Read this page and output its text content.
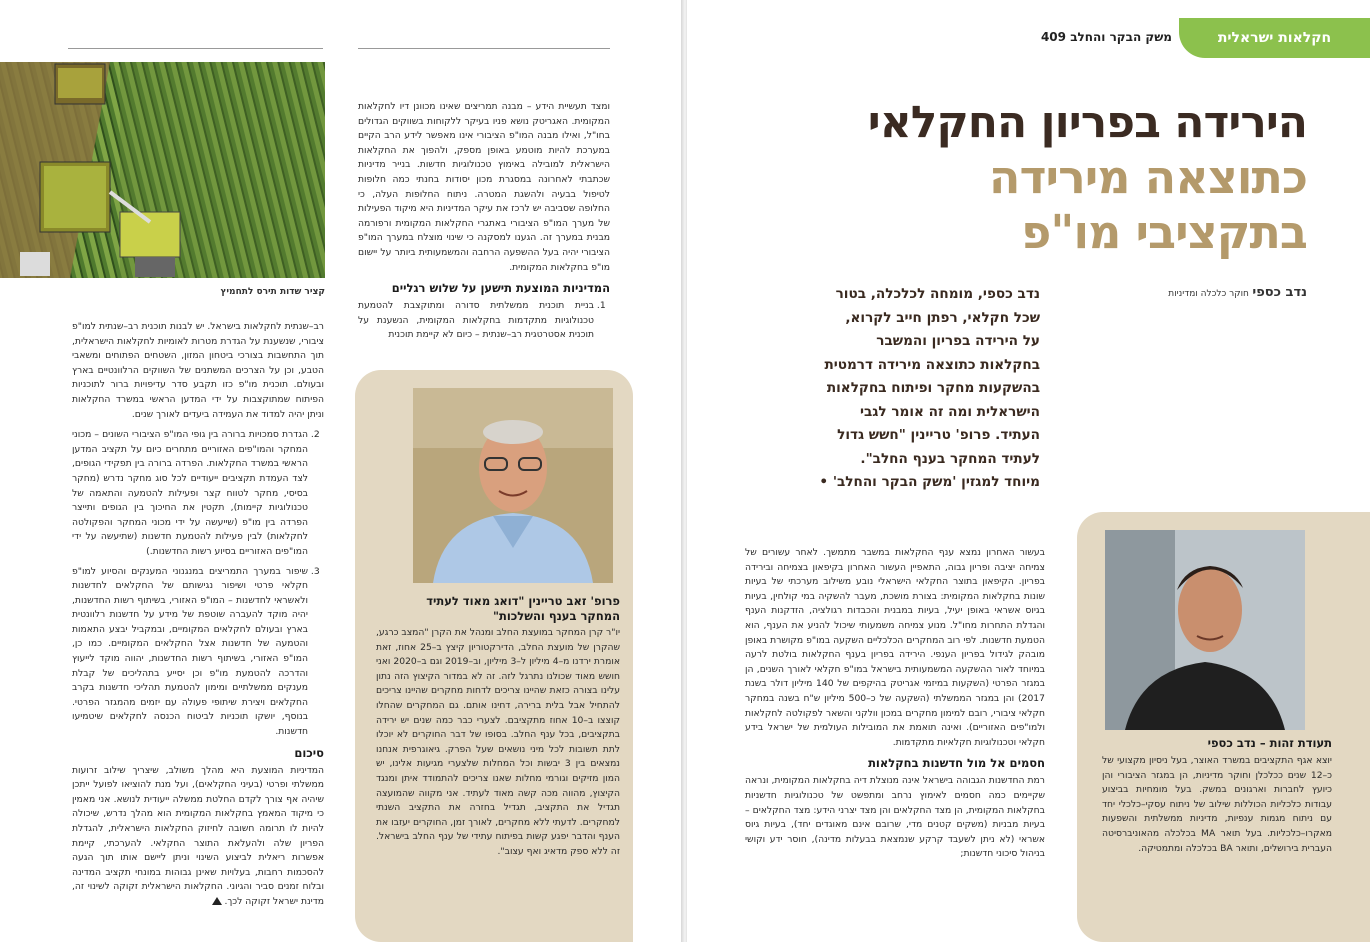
קציר שדות תירס לתחמיץ

רב–שנתית לחקלאות בישראל. יש לבנות תוכנית רב–שנתית למו"פ ציבורי, שנשענת על הגדרת מטרות לאומיות לחקלאות הישראלית, תוך התחשבות בצורכי ביטחון המזון, השטחים הפתוחים ומשאבי הטבע, וכן על הצרכים המשתנים של השווקים הרלוונטיים בארץ ובעולם. תוכנית מו"פ כזו תקבע סדר עדיפויות ברור לתוכניות הפיתוח שמתוקצבות על ידי המדען הראשי במשרד החקלאות וניתן יהיה למדוד את העמידה ביעדים לאורך שנים.

2. הגדרת סמכויות ברורה בין גופי המו"פ הציבורי השונים – מכוני המחקר והמו"פים האזוריים מתחרים כיום על תקציב המדען הראשי במשרד החקלאות. הפרדה ברורה בין תפקידי הגופים, לצד העמדת תקציבים ייעודיים לכל סוג מחקר נדרש (מחקר בסיסי, מחקר לטווח קצר ופעילות להטמעה והתאמה של טכנולוגיות קיימות), תקטין את החיכוך בין הגופים ותייצר הפרדה בין מו"פ (שייעשה על ידי מכוני המחקר והפקולטה לחקלאות) לבין פעילות להטמעת חדשנות (שתיעשה על ידי המו"פים האזוריים בסיוע רשות החדשנות.)
3. שיפור במערך התמריצים במנגנוני המענקים והסיוע למו"פ חקלאי פרטי ושיפור נגישותם של החקלאים לחדשנות ולאשראי לחדשנות – המו"פ האזורי, בשיתוף רשות החדשנות, יהיה מוקד להעברה שוטפת של מידע על חדשנות רלוונטית בארץ ובעולם לחקלאים המקומיים, ובמקביל יבצע התאמות והטמעה של חדשנות אצל החקלאים המקומיים. כמו כן, המו"פ האזורי, בשיתוף רשות החדשנות, יהווה מוקד לייעוץ והדרכה להטמעת מו"פ וכן יסייע בתהליכים של קבלת מענקים ממשלתיים ומימון להטמעת תהליכי חדשנות בקרב החקלאים ויצירת שיתופי פעולה עם יזמים מהמגזר הפרטי. בנוסף, יושקו תוכניות לביטוח הכנסה לחקלאים שיטמיעו חדשנות.
סיכום

המדיניות המוצעת היא מהלך משולב, שיצריך שילוב זרועות ממשלתי ופרטי (בעיני החקלאים), ועל מנת להוציאו לפועל ייתכן שיהיה אף צורך לקדם החלטת ממשלה ייעודית לנושא. אני מאמין כי מיקוד המאמץ בחקלאות המקומית הוא מהלך נדרש, שיכולה להיות לו תרומה חשובה לחיזוק החקלאות הישראלית, להגדלת הפריון שלה ולהעלאת התוצר החקלאי. להערכתי, קיימת אפשרות ריאלית לביצוע השינוי וניתן ליישם אותו תוך הגעה להסכמות רחבות, בעלויות שאינן גבוהות במונחי תקציב המדינה ובלוח זמנים סביר והגיוני. החקלאות הישראלית זקוקה לשינוי זה, מדינת ישראל זקוקה לכך.

ומצד תעשיית הידע – מבנה תמריצים שאינו מכוונן דיו לחקלאות המקומית. האגריטק נושא פניו בעיקר ללקוחות בשווקים הגדולים בחו"ל, ואילו מבנה המו"פ הציבורי אינו מאפשר לידע הרב הקיים במערכת להיות מוטמע באופן מספק, ולהפוך את החקלאות הישראלית למובילה באימוץ טכנולוגיות חדשות. בנייר מדיניות שכתבתי לאחרונה במסגרת מכון יסודות בחנתי כמה חלופות לטיפול בבעיה ולהשגת המטרה. ניתוח החלופות העלה, כי החלופה שסביבה יש לרכז את עיקר המדיניות היא מיקוד הפעילות של מערך המו"פ הציבורי באתגרי החקלאות המקומית ורפורמה מבנית במערך זה. הגענו למסקנה כי שינוי מוצלח במערך המו"פ הציבורי יהיה בעל ההשפעה הרחבה והמשמעותית ביותר על יישום מו"פ בחקלאות המקומית.

המדיניות המוצעת תישען על שלוש רגליים
1. בניית תוכנית ממשלתית סדורה ומתוקצבת להטמעת טכנולוגיות מתקדמות בחקלאות המקומית, הנשענת על תוכנית אסטרטגית רב–שנתית – כיום לא קיימת תוכנית
פרופ' זאב טריינין "דואג מאוד לעתיד המחקר בענף והשלכות"
יו"ר קרן המחקר במועצת החלב ומנהל את הקרן "המצב כרגע, שהקרן של מועצת החלב, הדירקטוריון קיצץ ב–25 אחוז, זאת אומרת ירדנו מ–4 מיליון ל–3 מיליון, וב–2019 וגם ב–2020 ואני חושש מאוד שכולנו נתרגל לזה. זה לא במדור הקיצוץ הזה נתון עלינו בצורה כזאת שהיינו צריכים לדחות מחקרים שהיינו צריכים להתחיל אבל בלית ברירה, דחינו אותם. גם המחקרים שהחלו קוצצו ב–10 אחוז מתקציבם. לצערי כבר כמה שנים יש ירידה בתקציבים, בכל ענף החלב. בסופו של דבר החוקרים לא יוכלו לתת תשובות לכל מיני נושאים שעל הפרק. גיאוגרפית אנחנו נמצאים בין 3 יבשות וכל המחלות שלצערי מגיעות אלינו, יש המון מזיקים וגורמי מחלות שאנו צריכים להתמודד איתן ומנגד הקיצוץ, מהווה מכה קשה מאוד לעתיד. אני מקווה שהמועצה תגדיל את התקציב, תגדיל בחזרה את התקציב השנתי למחקרים. לדעתי ללא מחקרים, לאורך זמן, החוקרים יעזבו את הענף והדבר יפגע קשות בפיתוח עתידי של ענף החלב בישראל. זה ללא ספק מדאיג ואף עצוב".
חקלאות ישראלית
משק הבקר והחלב 409
הירידה בפריון החקלאי
כתוצאה מירידה
בתקציבי מו"פ
נדב כספי חוקר כלכלה ומדיניות
נדב כספי, מומחה לכלכלה, בטור
שכל חקלאי, רפתן חייב לקרוא,
על הירידה בפריון והמשבר
בחקלאות כתוצאה מירידה דרמטית
בהשקעות מחקר ופיתוח בחקלאות
הישראלית ומה זה אומר לגבי
העתיד. פרופ' טריינין "חשש גדול
לעתיד המחקר בענף החלב".
מיוחד למגזין 'משק הבקר והחלב' •
תעודת זהות – נדב כספי
יוצא אגף התקציבים במשרד האוצר, בעל ניסיון מקצועי של כ–12 שנים ככלכלן וחוקר מדיניות, הן במגזר הציבורי והן כיועץ לחברות וארגונים במשק. בעל מומחיות בביצוע עבודות כלכליות הכוללות שילוב של ניתוח עסקי–כלכלי יחד עם ניתוח מגמות ענפיות, מדיניות ממשלתית והשפעות מאקרו–כלכליות. בעל תואר MA בכלכלה מהאוניברסיטה העברית בירושלים, ותואר BA בכלכלה ומתמטיקה.

בעשור האחרון נמצא ענף החקלאות במשבר מתמשך. לאחר עשורים של צמיחה יציבה ופריון גבוה, התאפיין העשור האחרון בקיפאון בצמיחה ובירידה בפריון. הקיפאון בתוצר החקלאי הישראלי נובע משילוב מערכתי של בעיות שונות בחקלאות המקומית: בצורת מושכת, מעבר להשקיה במי קולחין, בעיות בגיוס אשראי באופן יעיל, בעיות במבנית והכבדות רגולציה, הזדקנות הענף והגדלת התחרות מחו"ל. מנוע צמיחה משמעותי שיכול להניע את הענף, הוא הטמעת חדשנות. לפי רוב המחקרים הכלכליים השקעה במו"פ מקושרת באופן מובהק לגידול בפריון הענפי. הירידה בפריון בענף החקלאות בולטת לרעה במיוחד לאור ההשקעה המשמעותית בישראל במו"פ חקלאי לאורך השנים, הן במגזר הפרטי (השקעות במיזמי אגריטק בהיקפים של 140 מיליון דולר בשנת 2017) והן במגזר הממשלתי (השקעה של כ–500 מיליון ש"ח בשנה במחקר חקלאי ציבורי, רובם למימון מחקרים במכון וולקני והשאר לפקולטה לחקלאות ולמו"פים האזוריים). ואינה תואמת את המובילות העולמית של ישראל בידע חקלאי וטכנולוגיות חקלאיות מתקדמות.

חסמים אל מול חדשנות בחקלאות

רמת החדשנות הגבוהה בישראל אינה מנוצלת דיה בחקלאות המקומית, ונראה שקיימים כמה חסמים לאימוץ נרחב ומתפשט של טכנולוגיות חדשניות בחקלאות המקומית, הן מצד החקלאים והן מצד יצרני הידע: מצד החקלאים – בעיות מבניות (משקים קטנים מדי, שרובם אינם מאוגדים יחד), בעיות גיוס אשראי (לא ניתן לשעבד קרקע שנמצאת בבעלות מדינה), חוסר ידע וקושי בניהול סיכוני חדשנות;
